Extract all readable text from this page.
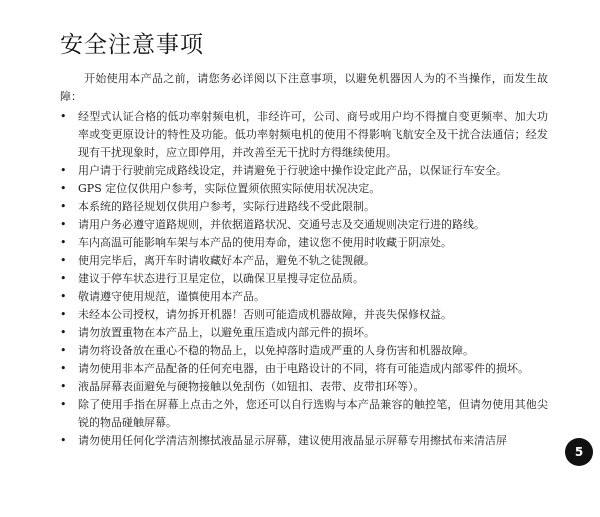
安全注意事项

开始使用本产品之前，请您务必详阅以下注意事项，以避免机器因人为的不当操作，而发生故障：

•	经型式认证合格的低功率射频电机，非经许可，公司、商号或用户均不得擅自变更频率、加大功率或变更原设计的特性及功能。低功率射频电机的使用不得影响飞航安全及干扰合法通信；经发现有干扰现象时，应立即停用，并改善至无干扰时方得继续使用。
•	用户请于行驶前完成路线设定，并请避免于行驶途中操作设定此产品，以保证行车安全。
•	GPS 定位仅供用户参考，实际位置须依照实际使用状况决定。
•	本系统的路径规划仅供用户参考，实际行进路线不受此限制。
•	请用户务必遵守道路规则，并依据道路状况、交通号志及交通规则决定行进的路线。
•	车内高温可能影响车架与本产品的使用寿命，建议您不使用时收藏于阴凉处。
•	使用完毕后，离开车时请收藏好本产品，避免不轨之徒觊觎。
•	建议于停车状态进行卫星定位，以确保卫星搜寻定位品质。
•	敬请遵守使用规范，谨慎使用本产品。
•	未经本公司授权，请勿拆开机器！否则可能造成机器故障，并丧失保修权益。
•	请勿放置重物在本产品上，以避免重压造成内部元件的损坏。
•	请勿将设备放在重心不稳的物品上，以免掉落时造成严重的人身伤害和机器故障。
•	请勿使用非本产品配备的任何充电器，由于电路设计的不同，将有可能造成内部零件的损坏。
•	液晶屏幕表面避免与硬物接触以免刮伤（如钮扣、表带、皮带扣环等）。
•	除了使用手指在屏幕上点击之外，您还可以自行选购与本产品兼容的触控笔，但请勿使用其他尖锐的物品碰触屏幕。
•	请勿使用任何化学清洁剂擦拭液晶显示屏幕，建议使用液晶显示屏幕专用擦拭布来清洁屏
5
